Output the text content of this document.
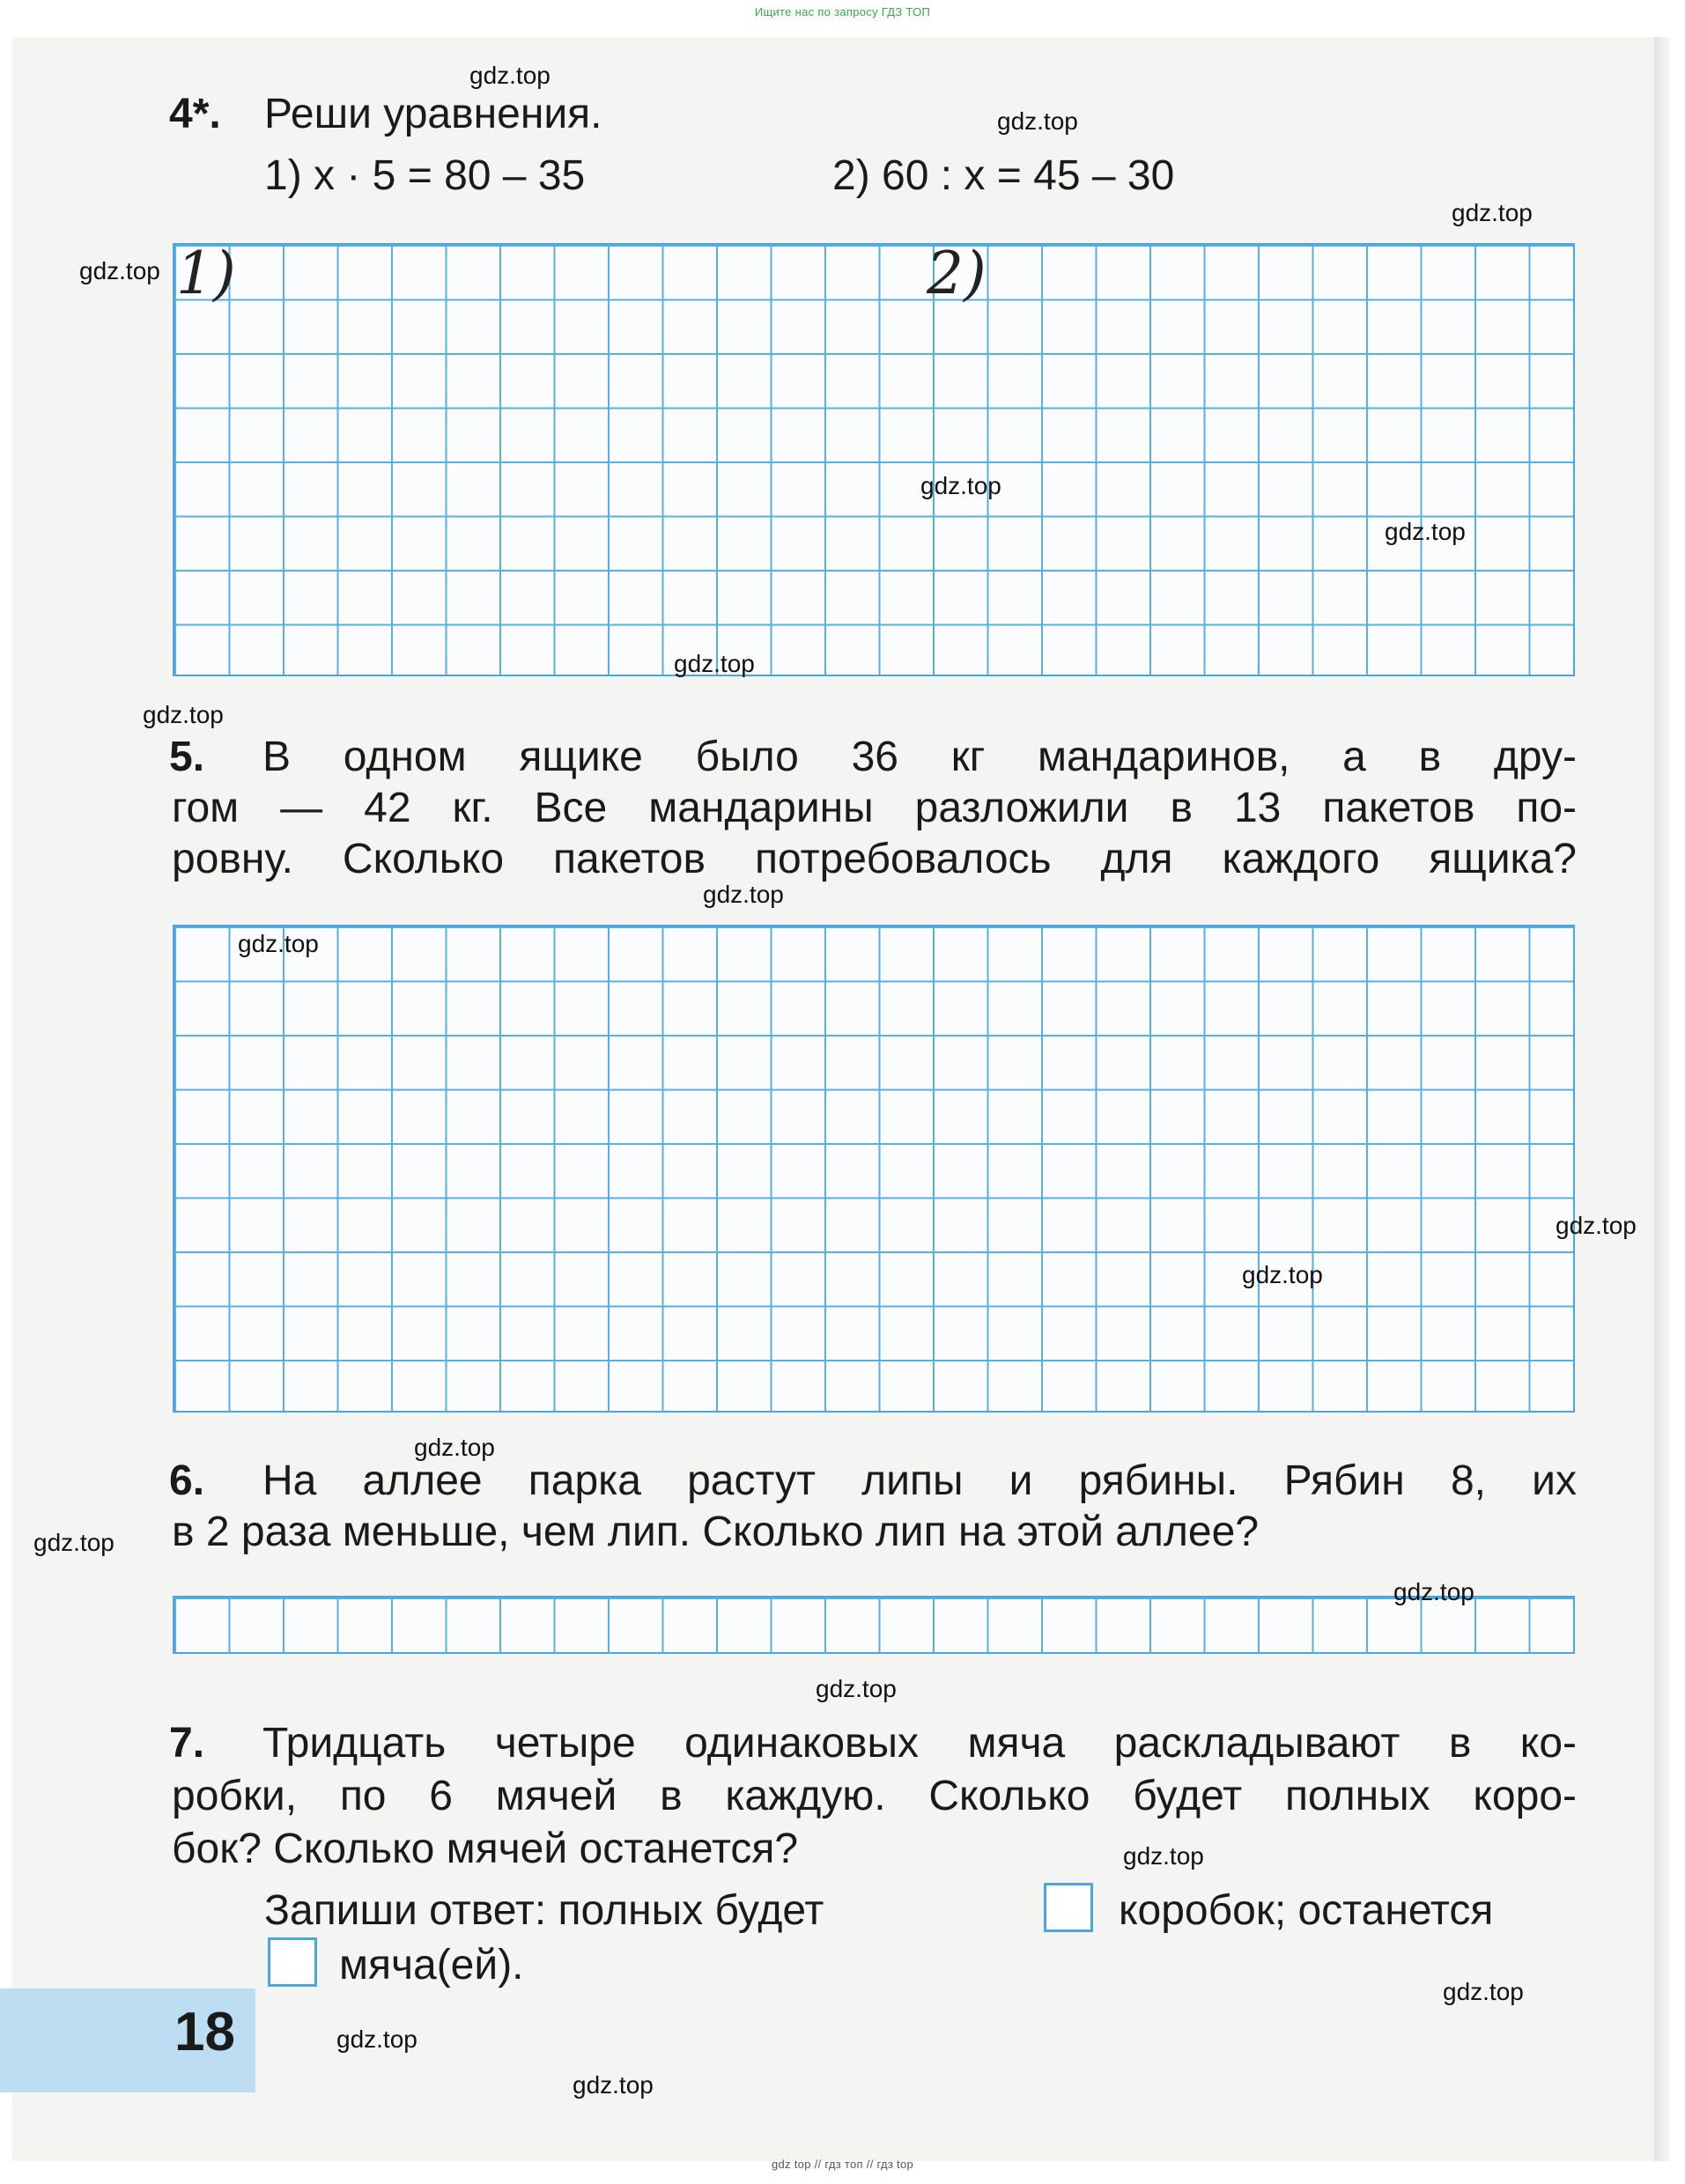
Ищите нас по запросу ГДЗ ТОП
4*. Реши уравнения.
1) x · 5 = 80 – 35	2) 60 : x = 45 – 30
1)	2)
5. В одном ящике было 36 кг мандаринов, а в дру-
гом — 42 кг. Все мандарины разложили в 13 пакетов по-
ровну. Сколько пакетов потребовалось для каждого ящика?
6. На аллее парка растут липы и рябины. Рябин 8, их
в 2 раза меньше, чем лип. Сколько лип на этой аллее?
7. Тридцать четыре одинаковых мяча раскладывают в ко-
робки, по 6 мячей в каждую. Сколько будет полных коро-
бок? Сколько мячей останется?
Запиши ответ: полных будет	коробок; останется
мяча(ей).
18
gdz.top
gdz.top
gdz.top
gdz.top
gdz.top
gdz.top
gdz.top
gdz.top
gdz.top
gdz.top
gdz.top
gdz.top
gdz.top
gdz.top
gdz.top
gdz.top
gdz.top
gdz.top
gdz.top
gdz.top
gdz top // гдз топ // гдз top
